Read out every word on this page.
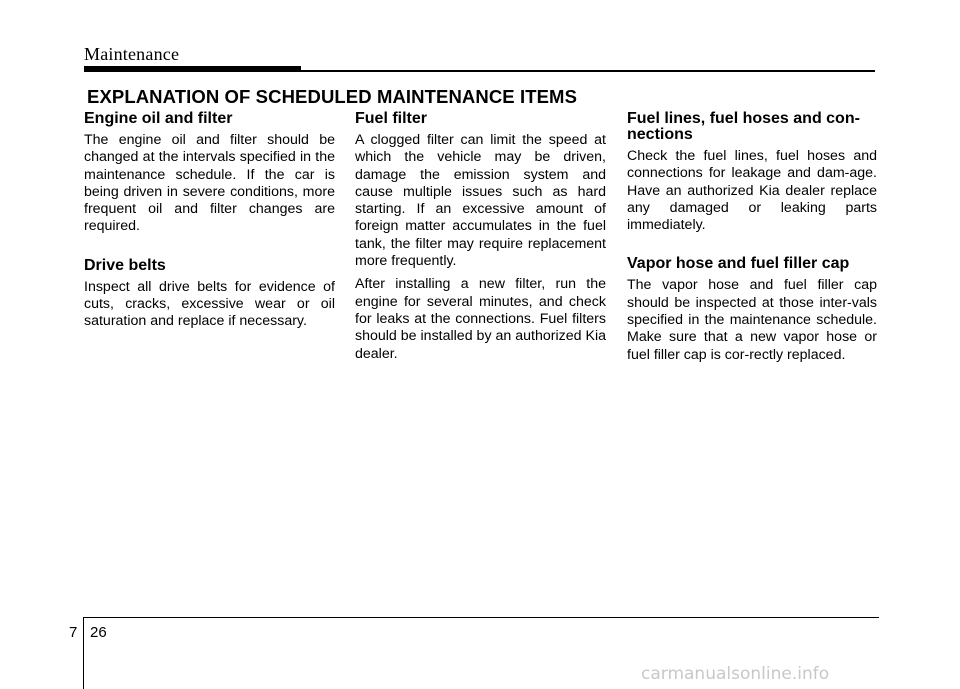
Maintenance
EXPLANATION OF SCHEDULED MAINTENANCE ITEMS
Engine oil and filter

The engine oil and filter should be changed at the intervals specified in the maintenance schedule. If the car is being driven in severe conditions, more frequent oil and filter changes are required.

Drive belts

Inspect all drive belts for evidence of cuts, cracks, excessive wear or oil saturation and replace if necessary.

Fuel filter

A clogged filter can limit the speed at which the vehicle may be driven, damage the emission system and cause multiple issues such as hard starting. If an excessive amount of foreign matter accumulates in the fuel tank, the filter may require replacement more frequently.

After installing a new filter, run the engine for several minutes, and check for leaks at the connections. Fuel filters should be installed by an authorized Kia dealer.

Fuel lines, fuel hoses and con-nections

Check the fuel lines, fuel hoses and connections for leakage and dam-age. Have an authorized Kia dealer replace any damaged or leaking parts immediately.

Vapor hose and fuel filler cap

The vapor hose and fuel filler cap should be inspected at those inter-vals specified in the maintenance schedule. Make sure that a new vapor hose or fuel filler cap is cor-rectly replaced.

7 26
carmanualsonline.info
